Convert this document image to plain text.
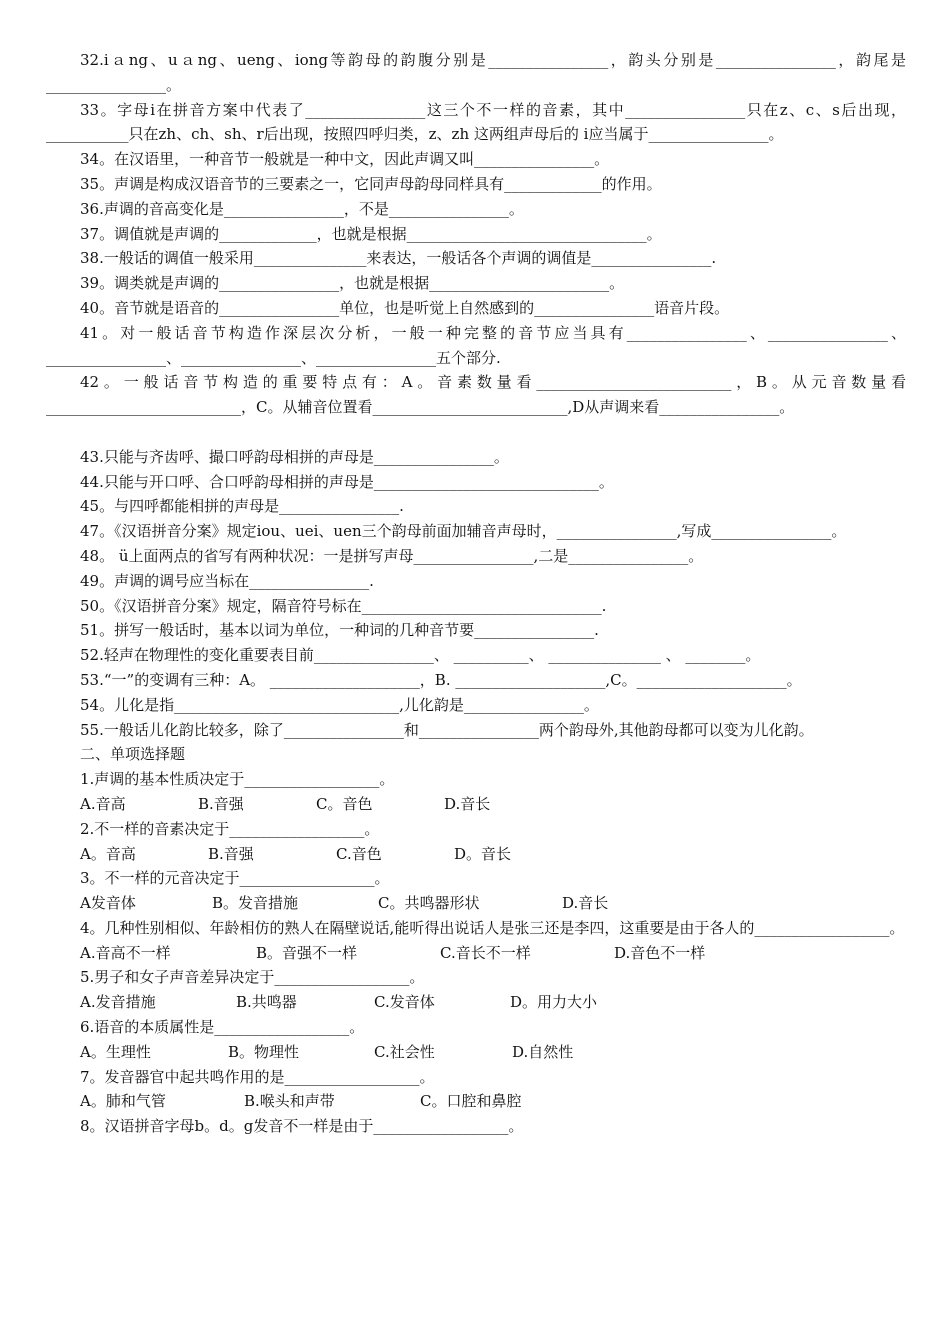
32.iａng、uａng、ueng、iong等韵母的韵腹分别是________________，韵头分别是________________，韵尾是________________。
33。字母i在拼音方案中代表了________________这三个不一样的音素，其中________________只在z、c、s后出现，___________只在zh、ch、sh、r后出现，按照四呼归类，z、zh 这两组声母后的 i应当属于________________。
34。在汉语里，一种音节一般就是一种中文，因此声调又叫________________。
35。声调是构成汉语音节的三要素之一，它同声母韵母同样具有_____________的作用。
36.声调的音高变化是________________，不是________________。
37。调值就是声调的_____________，也就是根据________________________________。
38.一般话的调值一般采用_______________来表达，一般话各个声调的调值是________________.
39。调类就是声调的________________，也就是根据________________________。
40。音节就是语音的________________单位，也是听觉上自然感到的________________语音片段。
41。对一般话音节构造作深层次分析，一般一种完整的音节应当具有________________、________________、________________、________________、________________五个部分.
42。一般话音节构造的重要特点有：A。音素数量看__________________________，B。从元音数量看__________________________，C。从辅音位置看__________________________,D从声调来看________________。
43.只能与齐齿呼、撮口呼韵母相拼的声母是________________。
44.只能与开口呼、合口呼韵母相拼的声母是______________________________。
45。与四呼都能相拼的声母是________________.
47。《汉语拼音分案》规定iou、uei、uen三个韵母前面加辅音声母时，________________,写成________________。
48。 ü上面两点的省写有两种状况：一是拼写声母________________,二是________________。
49。声调的调号应当标在________________.
50。《汉语拼音分案》规定，隔音符号标在________________________________.
51。拼写一般话时，基本以词为单位，一种词的几种音节要________________.
52.轻声在物理性的变化重要表目前________________、 __________、 _______________ 、 ________。
53.“一”的变调有三种：A。 ____________________，B. ____________________,C。____________________。
54。儿化是指______________________________,儿化韵是________________。
55.一般话儿化韵比较多，除了________________和________________两个韵母外,其他韵母都可以变为儿化韵。
二、单项选择题
1.声调的基本性质决定于__________________。
A.音高	B.音强	C。音色	D.音长
2.不一样的音素决定于__________________。
A。音高	B.音强	C.音色	D。音长
3。不一样的元音决定于__________________。
A发音体	B。发音措施	C。共鸣器形状	D.音长
4。几种性别相似、年龄相仿的熟人在隔壁说话,能听得出说话人是张三还是李四，这重要是由于各人的__________________。
A.音高不一样	B。音强不一样	C.音长不一样	D.音色不一样
5.男子和女子声音差异决定于__________________。
A.发音措施	B.共鸣器	C.发音体	D。用力大小
6.语音的本质属性是__________________。
A。生理性	B。物理性	C.社会性	D.自然性
7。发音器官中起共鸣作用的是__________________。
A。肺和气管	B.喉头和声带	C。口腔和鼻腔
8。汉语拼音字母b。d。g发音不一样是由于__________________。
